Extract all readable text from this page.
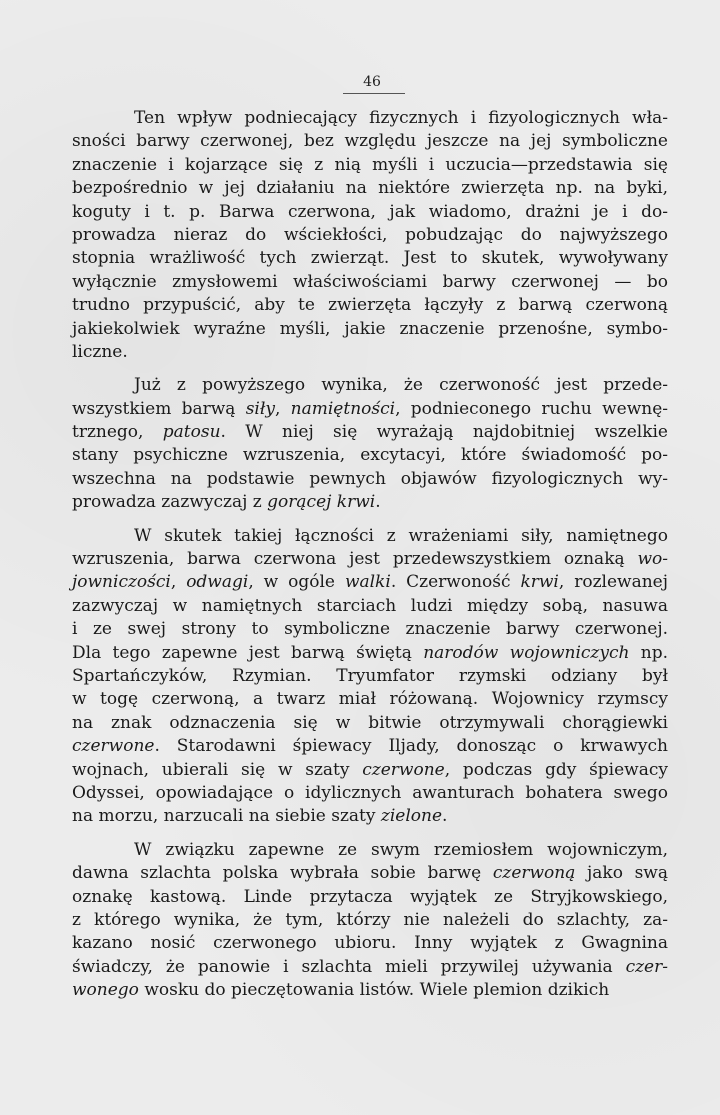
46
Ten wpływ podniecający fizycznych i fizyologicznych wła-
sności barwy czerwonej, bez względu jeszcze na jej symboliczne
znaczenie i kojarzące się z nią myśli i uczucia—przedstawia się
bezpośrednio w jej działaniu na niektóre zwierzęta np. na byki,
koguty i t. p. Barwa czerwona, jak wiadomo, drażni je i do-
prowadza nieraz do wściekłości, pobudzając do najwyższego
stopnia wrażliwość tych zwierząt. Jest to skutek, wywoływany
wyłącznie zmysłowemi właściwościami barwy czerwonej — bo
trudno przypuścić, aby te zwierzęta łączyły z barwą czerwoną
jakiekolwiek wyraźne myśli, jakie znaczenie przenośne, symbo-
liczne.
Już z powyższego wynika, że czerwoność jest przede-
wszystkiem barwą siły, namiętności, podnieconego ruchu wewnę-
trznego, patosu. W niej się wyrażają najdobitniej wszelkie
stany psychiczne wzruszenia, excytacyi, które świadomość po-
wszechna na podstawie pewnych objawów fizyologicznych wy-
prowadza zazwyczaj z gorącej krwi.
W skutek takiej łączności z wrażeniami siły, namiętnego
wzruszenia, barwa czerwona jest przedewszystkiem oznaką wo-
jowniczości, odwagi, w ogóle walki. Czerwoność krwi, rozlewanej
zazwyczaj w namiętnych starciach ludzi między sobą, nasuwa
i ze swej strony to symboliczne znaczenie barwy czerwonej.
Dla tego zapewne jest barwą świętą narodów wojowniczych np.
Spartańczyków, Rzymian. Tryumfator rzymski odziany był
w togę czerwoną, a twarz miał różowaną. Wojownicy rzymscy
na znak odznaczenia się w bitwie otrzymywali chorągiewki
czerwone. Starodawni śpiewacy Iljady, donosząc o krwawych
wojnach, ubierali się w szaty czerwone, podczas gdy śpiewacy
Odyssei, opowiadające o idylicznych awanturach bohatera swego
na morzu, narzucali na siebie szaty zielone.
W związku zapewne ze swym rzemiosłem wojowniczym,
dawna szlachta polska wybrała sobie barwę czerwoną jako swą
oznakę kastową. Linde przytacza wyjątek ze Stryjkowskiego,
z którego wynika, że tym, którzy nie należeli do szlachty, za-
kazano nosić czerwonego ubioru. Inny wyjątek z Gwagnina
świadczy, że panowie i szlachta mieli przywilej używania czer-
wonego wosku do pieczętowania listów. Wiele plemion dzikich
